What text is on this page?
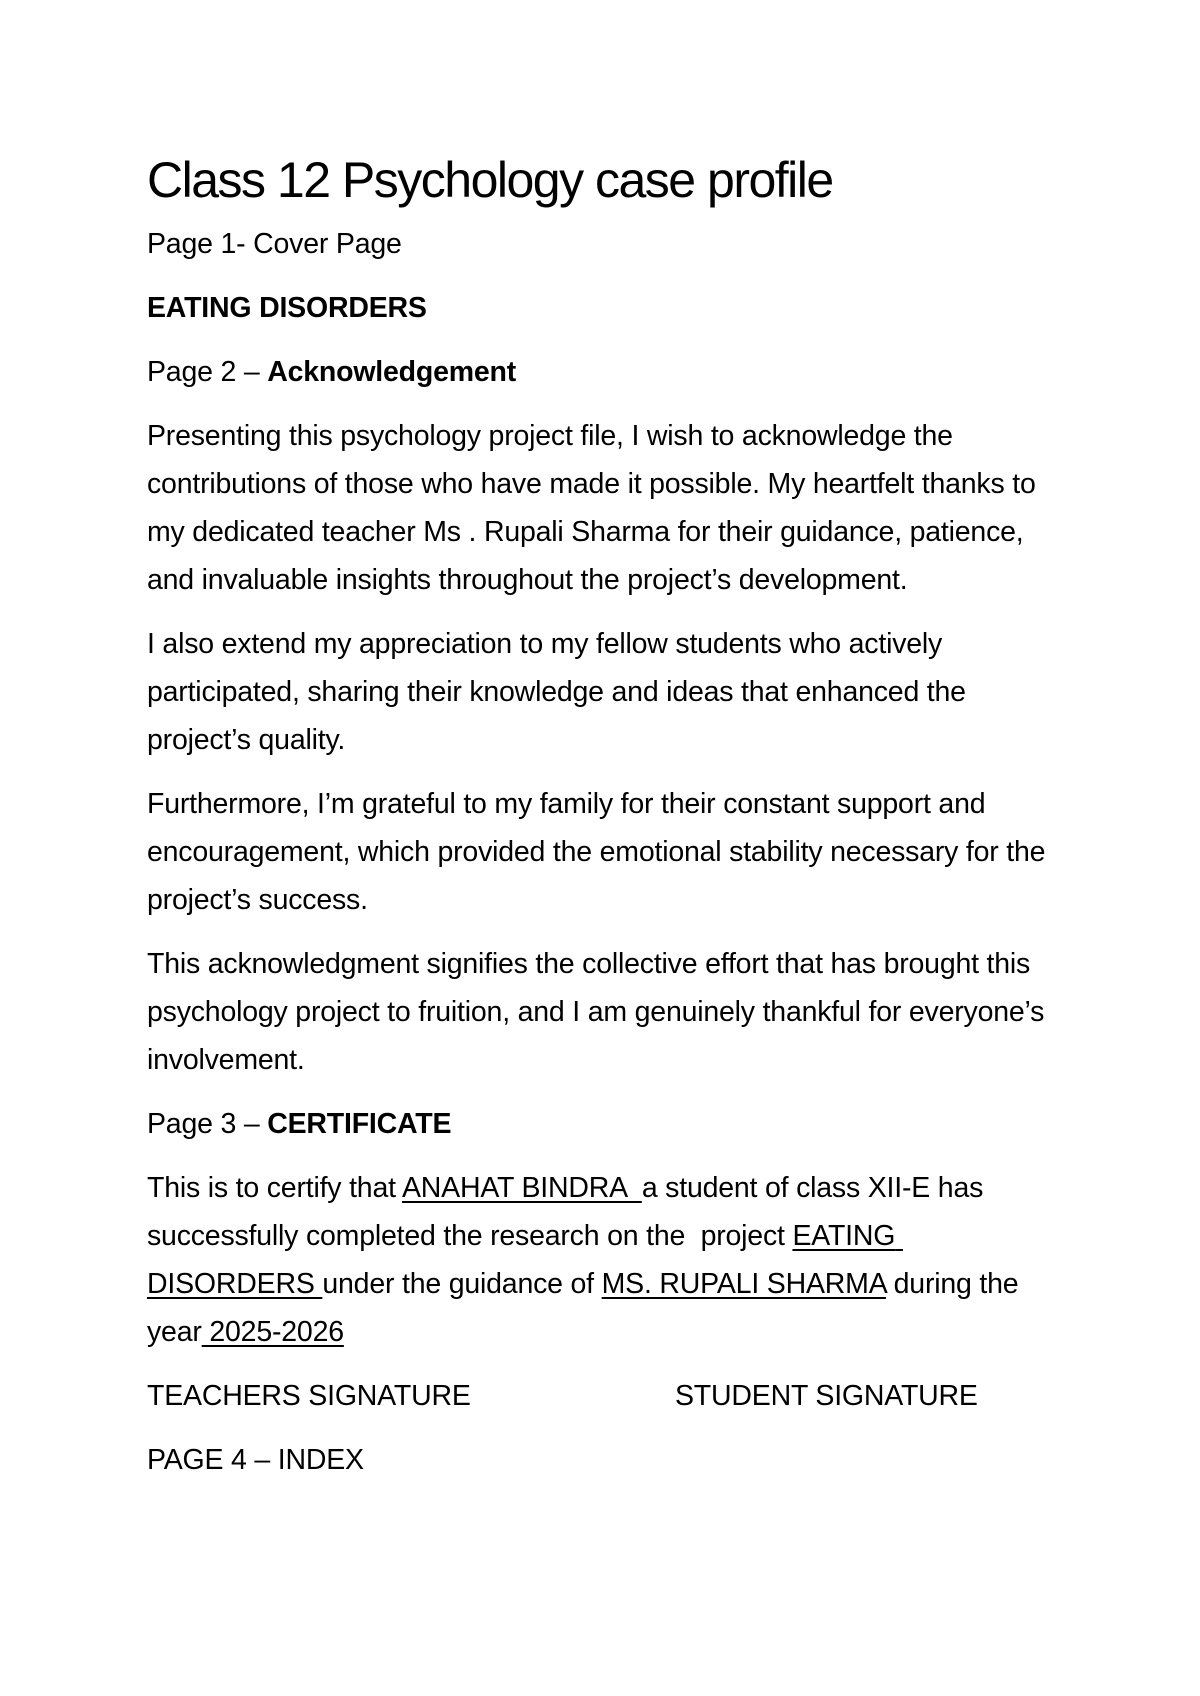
Class 12 Psychology case profile

Page 1- Cover Page

EATING DISORDERS

Page 2 – Acknowledgement

Presenting this psychology project file, I wish to acknowledge the contributions of those who have made it possible. My heartfelt thanks to my dedicated teacher Ms . Rupali Sharma for their guidance, patience, and invaluable insights throughout the project’s development.

I also extend my appreciation to my fellow students who actively participated, sharing their knowledge and ideas that enhanced the project’s quality.

Furthermore, I’m grateful to my family for their constant support and encouragement, which provided the emotional stability necessary for the project’s success.

This acknowledgment signifies the collective effort that has brought this psychology project to fruition, and I am genuinely thankful for everyone’s involvement.

Page 3 – CERTIFICATE

This is to certify that ANAHAT BINDRA  a student of class XII-E has successfully completed the research on the  project EATING DISORDERS under the guidance of MS. RUPALI SHARMA during the year 2025-2026

TEACHERS SIGNATURE	STUDENT SIGNATURE

PAGE 4 – INDEX
